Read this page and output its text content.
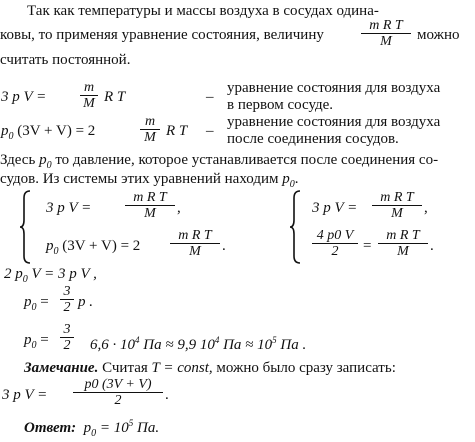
Так как температуры и массы воздуха в сосудах одина-
ковы, то применяя уравнение состояния, величину	$\frac{\text{m R T}}{M}$ можно
считать постоянной.
3 p $V = \frac{m}{M}$ R T	–
уравнение состояния для воздуха
в первом сосуде.
$p_0$ (3V + V) = 2	$\frac{m}{M}$ R T –
уравнение состояния для воздуха
после соединения сосудов.
Здесь $p_0$ то давление, которое устанавливается после соединения со-
судов. Из системы этих уравнений находим $p_0$.
3 p $V = \frac{\text{m R T}}{M}$ ,
$p_0$ $(3V + V) = 2 \frac{\text{m R T}}{M}$ .
3 p $V = \frac{\text{m R T}}{M}$ ,
$\frac{4 p0 V}{2} = \frac{\text{m R T}}{M}$ .
2 $p_0$ V = 3 p V ,
$p_0 = \frac{3}{2}$ p .
$p_0 = \frac{3}{2} 6,6 \cdot 10^4$ Па ≈ 9,9 $10^4$ Па ≈ $10^5$ Па .
Замечание. Считая T = const, можно было сразу записать:
3 p $V = \frac{p0 (3V + V)}{2}$ .
Ответ: $p_0 = 10^5$ Па.
